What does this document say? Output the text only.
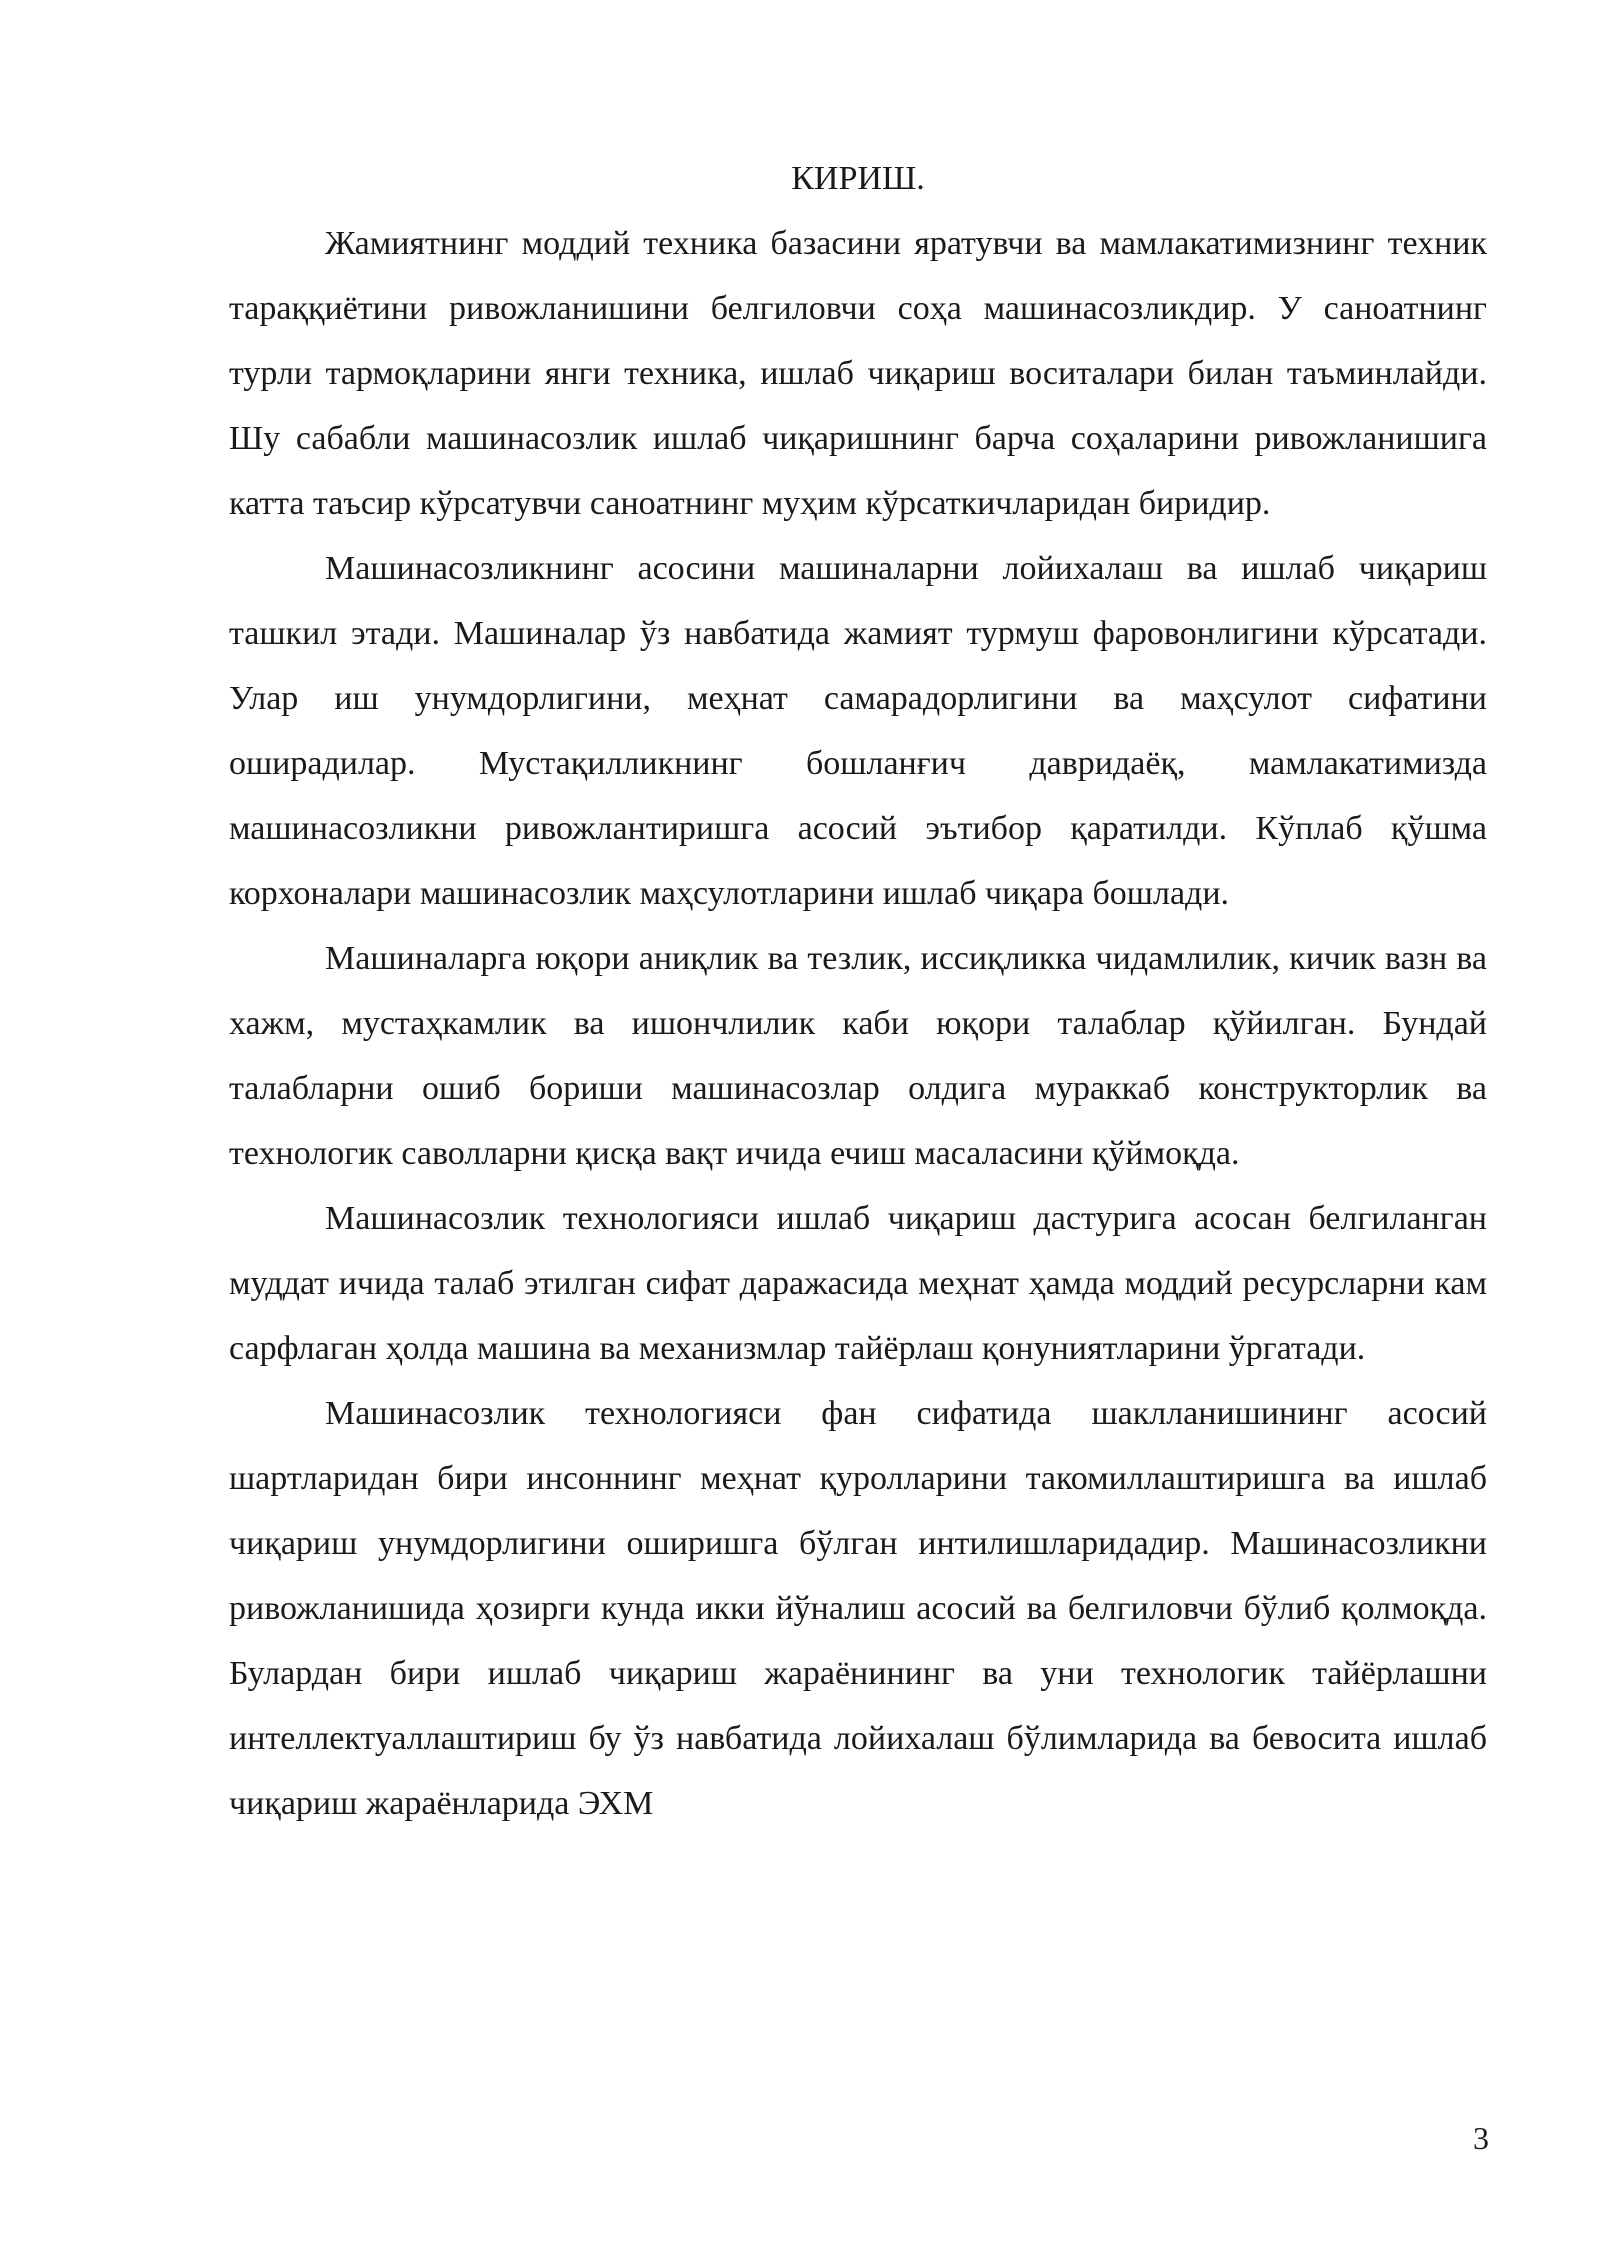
КИРИШ.

Жамиятнинг моддий техника базасини яратувчи ва мамлакатимизнинг техник тараққиётини ривожланишини белгиловчи соҳа машинасозликдир. У саноатнинг турли тармоқларини янги техника, ишлаб чиқариш воситалари билан таъминлайди. Шу сабабли машинасозлик ишлаб чиқаришнинг барча соҳаларини ривожланишига катта таъсир кўрсатувчи саноатнинг муҳим кўрсаткичларидан биридир.

Машинасозликнинг асосини машиналарни лойихалаш ва ишлаб чиқариш ташкил этади. Машиналар ўз навбатида жамият турмуш фаровонлигини кўрсатади. Улар иш унумдорлигини, меҳнат самарадорлигини ва маҳсулот сифатини оширадилар. Мустақилликнинг бошланғич давридаёқ, мамлакатимизда машинасозликни ривожлантиришга асосий эътибор қаратилди. Кўплаб қўшма корхоналари машинасозлик маҳсулотларини ишлаб чиқара бошлади.

Машиналарга юқори аниқлик ва тезлик, иссиқликка чидамлилик, кичик вазн ва хажм, мустаҳкамлик ва ишончлилик каби юқори талаблар қўйилган. Бундай талабларни ошиб бориши машинасозлар олдига мураккаб конструкторлик ва технологик саволларни қисқа вақт ичида ечиш масаласини қўймоқда.

Машинасозлик технологияси ишлаб чиқариш дастурига асосан белгиланган муддат ичида талаб этилган сифат даражасида меҳнат ҳамда моддий ресурсларни кам сарфлаган ҳолда машина ва механизмлар тайёрлаш қонуниятларини ўргатади.

Машинасозлик технологияси фан сифатида шаклланишининг асосий шартларидан бири инсоннинг меҳнат қуролларини такомиллаштиришга ва ишлаб чиқариш унумдорлигини оширишга бўлган интилишларидадир. Машинасозликни ривожланишида ҳозирги кунда икки йўналиш асосий ва белгиловчи бўлиб қолмоқда. Булардан бири ишлаб чиқариш жараёнининг ва уни технологик тайёрлашни интеллектуаллаштириш бу ўз навбатида лойихалаш бўлимларида ва бевосита ишлаб чиқариш жараёнларида ЭХМ

3
